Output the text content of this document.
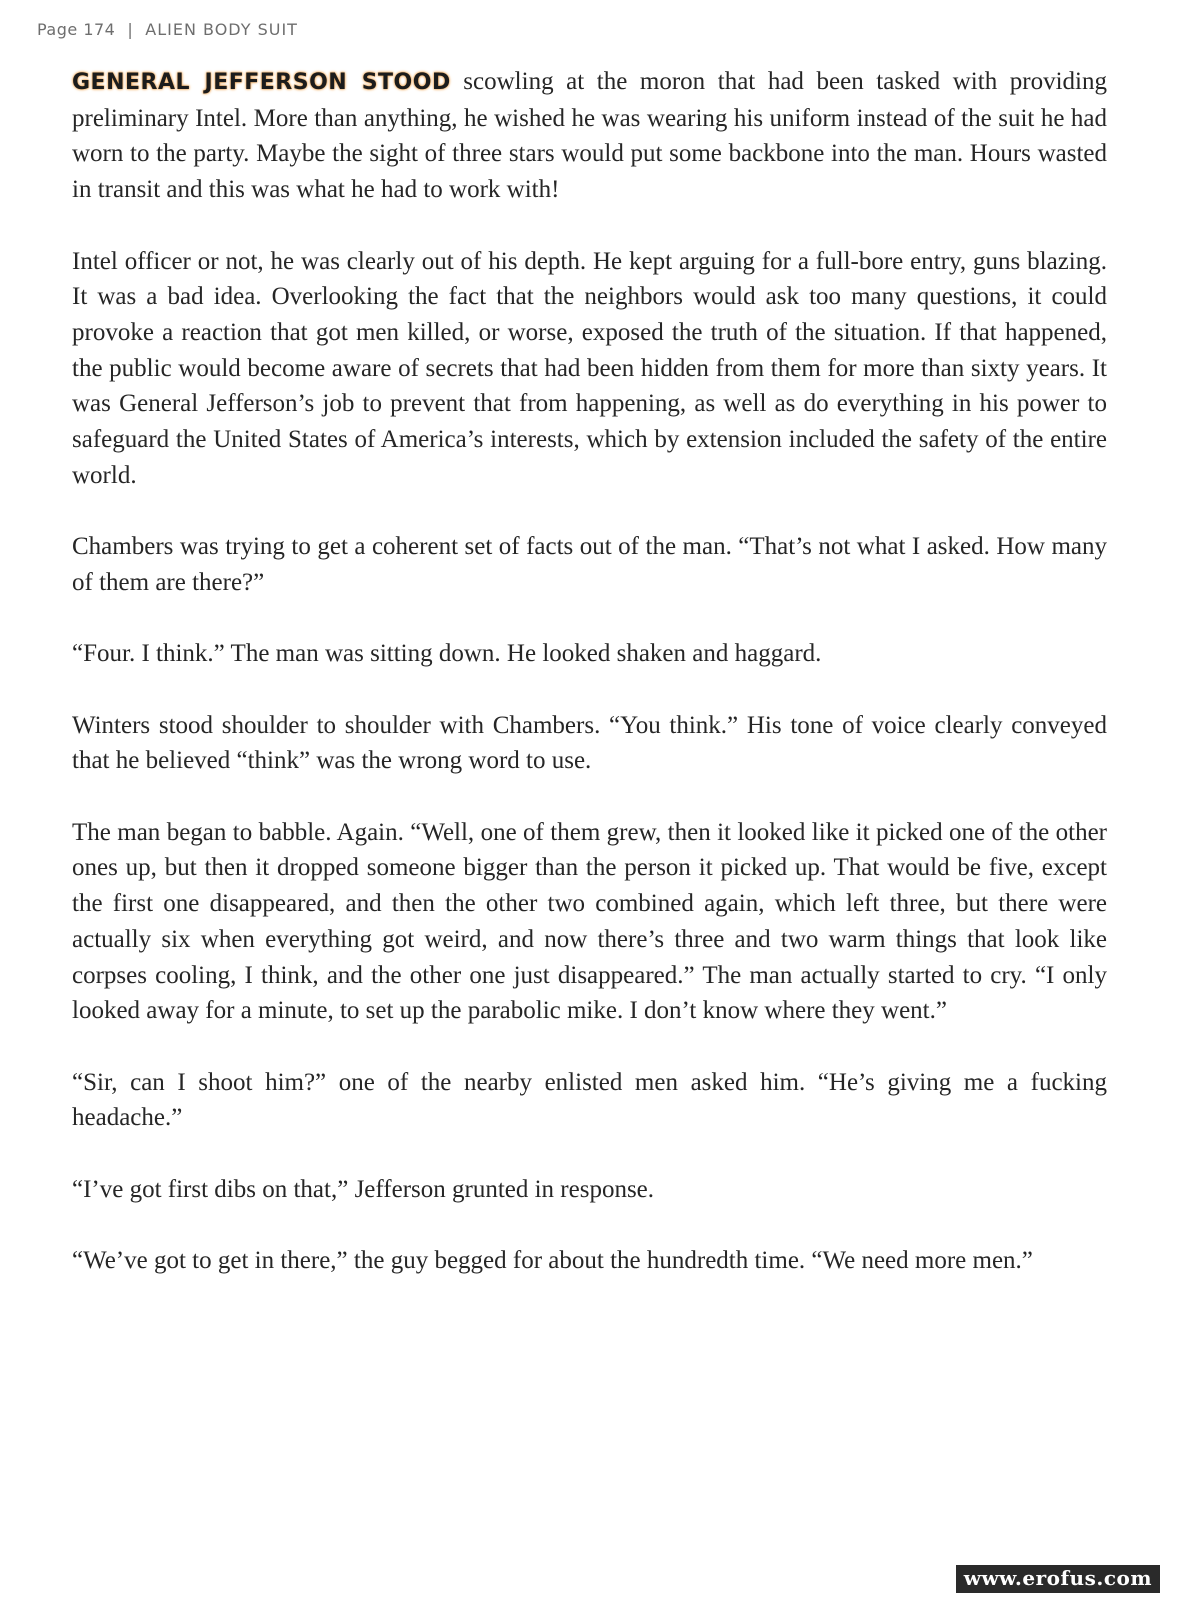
Page 174 | ALIEN BODY SUIT

GENERAL JEFFERSON STOOD scowling at the moron that had been tasked with providing preliminary Intel. More than anything, he wished he was wearing his uniform instead of the suit he had worn to the party. Maybe the sight of three stars would put some backbone into the man. Hours wasted in transit and this was what he had to work with!

Intel officer or not, he was clearly out of his depth. He kept arguing for a full-bore entry, guns blazing. It was a bad idea. Overlooking the fact that the neighbors would ask too many questions, it could provoke a reaction that got men killed, or worse, exposed the truth of the situation. If that happened, the public would become aware of secrets that had been hidden from them for more than sixty years. It was General Jefferson’s job to prevent that from happening, as well as do everything in his power to safeguard the United States of America’s interests, which by extension included the safety of the entire world.

Chambers was trying to get a coherent set of facts out of the man. “That’s not what I asked. How many of them are there?”

“Four. I think.” The man was sitting down. He looked shaken and haggard.

Winters stood shoulder to shoulder with Chambers. “You think.” His tone of voice clearly conveyed that he believed “think” was the wrong word to use.

The man began to babble. Again. “Well, one of them grew, then it looked like it picked one of the other ones up, but then it dropped someone bigger than the person it picked up. That would be five, except the first one disappeared, and then the other two combined again, which left three, but there were actually six when everything got weird, and now there’s three and two warm things that look like corpses cooling, I think, and the other one just disappeared.” The man actually started to cry. “I only looked away for a minute, to set up the parabolic mike. I don’t know where they went.”

“Sir, can I shoot him?” one of the nearby enlisted men asked him. “He’s giving me a fucking headache.”

“I’ve got first dibs on that,” Jefferson grunted in response.

“We’ve got to get in there,” the guy begged for about the hundredth time. “We need more men.”

www.erofus.com
